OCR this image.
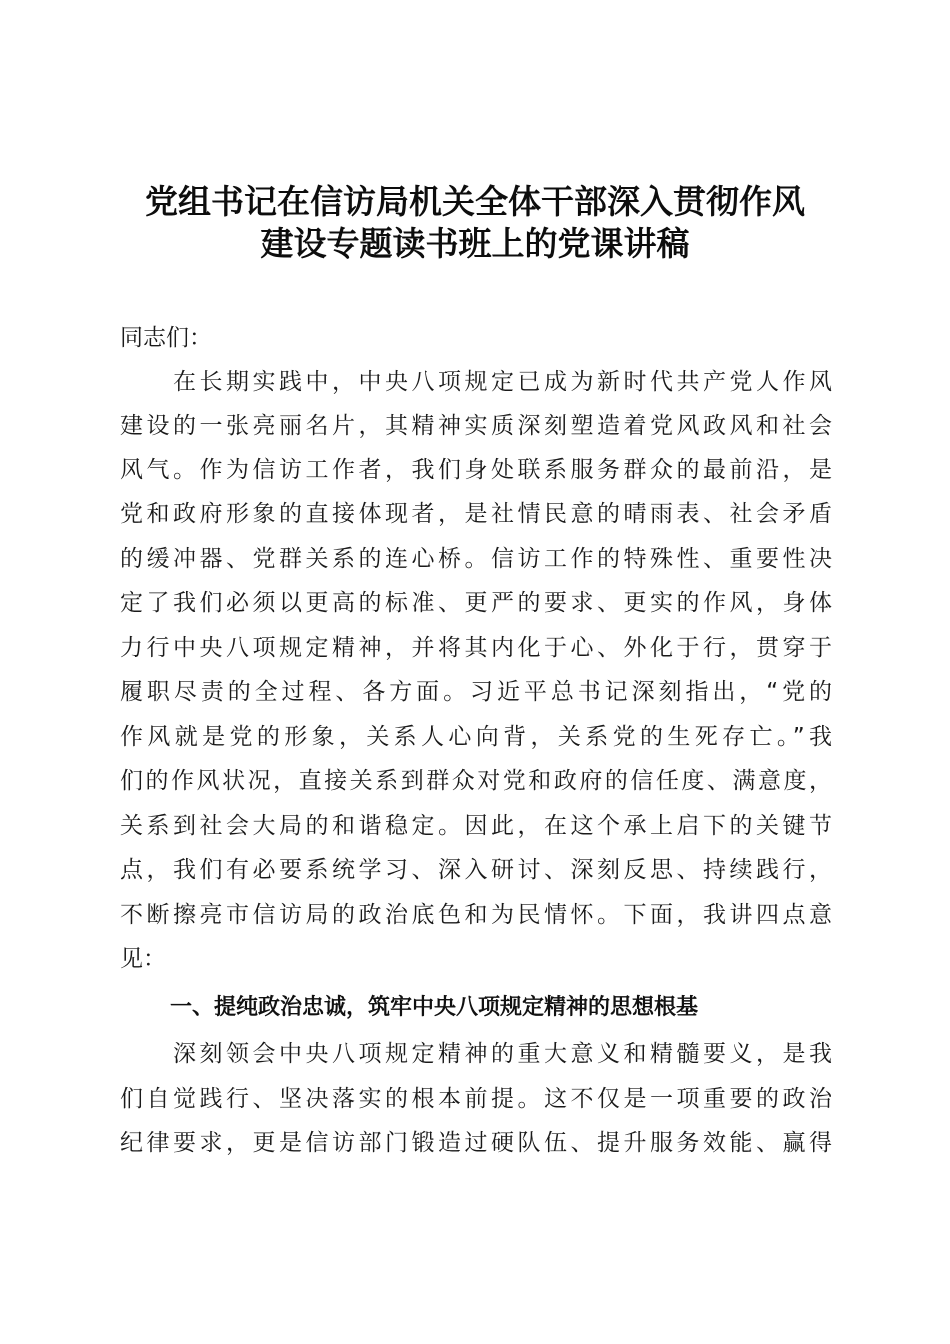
党组书记在信访局机关全体干部深入贯彻作风
建设专题读书班上的党课讲稿
同志们：
　　在长期实践中，中央八项规定已成为新时代共产党人作风
建设的一张亮丽名片，其精神实质深刻塑造着党风政风和社会
风气。作为信访工作者，我们身处联系服务群众的最前沿，是
党和政府形象的直接体现者，是社情民意的晴雨表、社会矛盾
的缓冲器、党群关系的连心桥。信访工作的特殊性、重要性决
定了我们必须以更高的标准、更严的要求、更实的作风，身体
力行中央八项规定精神，并将其内化于心、外化于行，贯穿于
履职尽责的全过程、各方面。习近平总书记深刻指出，“党的
作风就是党的形象，关系人心向背，关系党的生死存亡。”我
们的作风状况，直接关系到群众对党和政府的信任度、满意度，
关系到社会大局的和谐稳定。因此，在这个承上启下的关键节
点，我们有必要系统学习、深入研讨、深刻反思、持续践行，
不断擦亮市信访局的政治底色和为民情怀。下面，我讲四点意
见：
一、提纯政治忠诚，筑牢中央八项规定精神的思想根基
　　深刻领会中央八项规定精神的重大意义和精髓要义，是我
们自觉践行、坚决落实的根本前提。这不仅是一项重要的政治
纪律要求，更是信访部门锻造过硬队伍、提升服务效能、赢得
